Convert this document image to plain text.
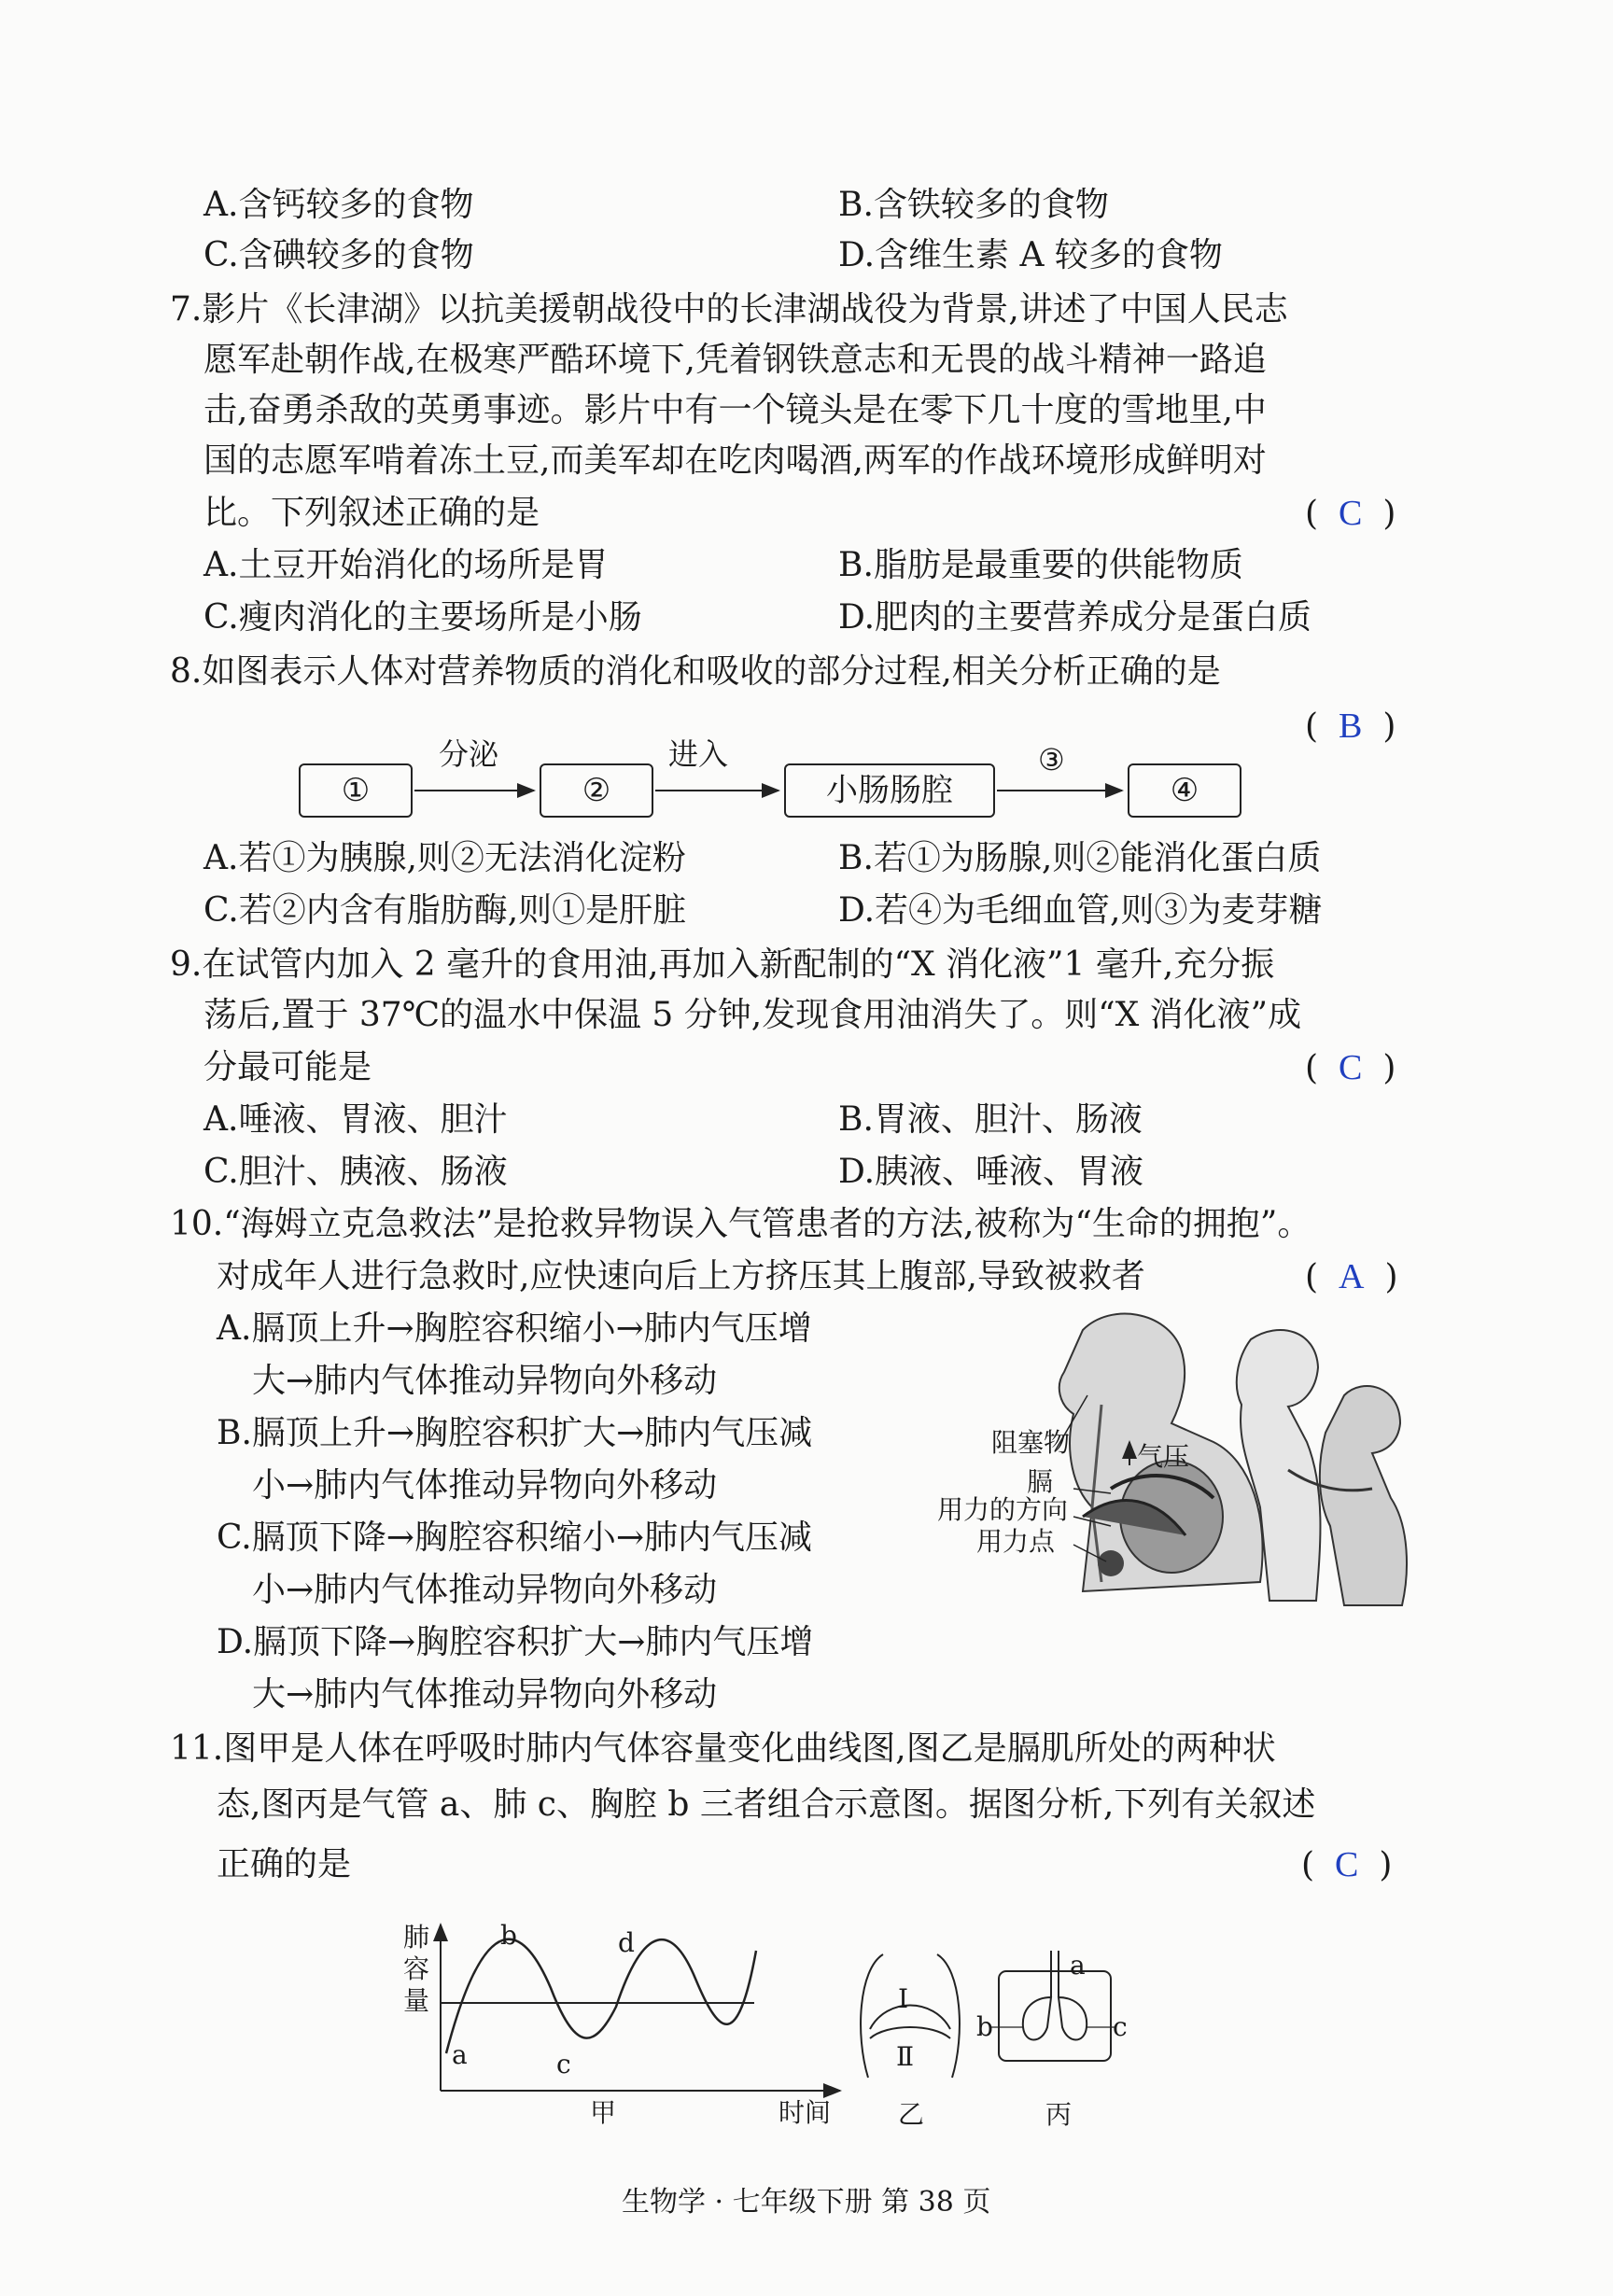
A.含钙较多的食物	B.含铁较多的食物
C.含碘较多的食物	D.含维生素 A 较多的食物
7.影片《长津湖》以抗美援朝战役中的长津湖战役为背景,讲述了中国人民志
愿军赴朝作战,在极寒严酷环境下,凭着钢铁意志和无畏的战斗精神一路追
击,奋勇杀敌的英勇事迹。影片中有一个镜头是在零下几十度的雪地里,中
国的志愿军啃着冻土豆,而美军却在吃肉喝酒,两军的作战环境形成鲜明对
比。下列叙述正确的是	( C )
A.土豆开始消化的场所是胃	B.脂肪是最重要的供能物质
C.瘦肉消化的主要场所是小肠	D.肥肉的主要营养成分是蛋白质
8.如图表示人体对营养物质的消化和吸收的部分过程,相关分析正确的是
( B )
①	②	小肠肠腔	④
分泌	进入	③
A.若①为胰腺,则②无法消化淀粉	B.若①为肠腺,则②能消化蛋白质
C.若②内含有脂肪酶,则①是肝脏	D.若④为毛细血管,则③为麦芽糖
9.在试管内加入 2 毫升的食用油,再加入新配制的“X 消化液”1 毫升,充分振
荡后,置于 37℃的温水中保温 5 分钟,发现食用油消失了。则“X 消化液”成
分最可能是	( C )
A.唾液、胃液、胆汁	B.胃液、胆汁、肠液
C.胆汁、胰液、肠液	D.胰液、唾液、胃液
10.“海姆立克急救法”是抢救异物误入气管患者的方法,被称为“生命的拥抱”。
对成年人进行急救时,应快速向后上方挤压其上腹部,导致被救者	( A )
A.膈顶上升→胸腔容积缩小→肺内气压增
大→肺内气体推动异物向外移动
B.膈顶上升→胸腔容积扩大→肺内气压减
小→肺内气体推动异物向外移动
C.膈顶下降→胸腔容积缩小→肺内气压减
小→肺内气体推动异物向外移动
D.膈顶下降→胸腔容积扩大→肺内气压增
大→肺内气体推动异物向外移动
阻塞物	气压
膈
用力的方向
用力点
11.图甲是人体在呼吸时肺内气体容量变化曲线图,图乙是膈肌所处的两种状
态,图丙是气管 a、肺 c、胸腔 b 三者组合示意图。据图分析,下列有关叙述
正确的是	( C )
肺
容
量
a
b
c
d
甲	时间
Ⅰ
Ⅱ
乙
a
b	c
丙
生物学 · 七年级下册 第 38 页
